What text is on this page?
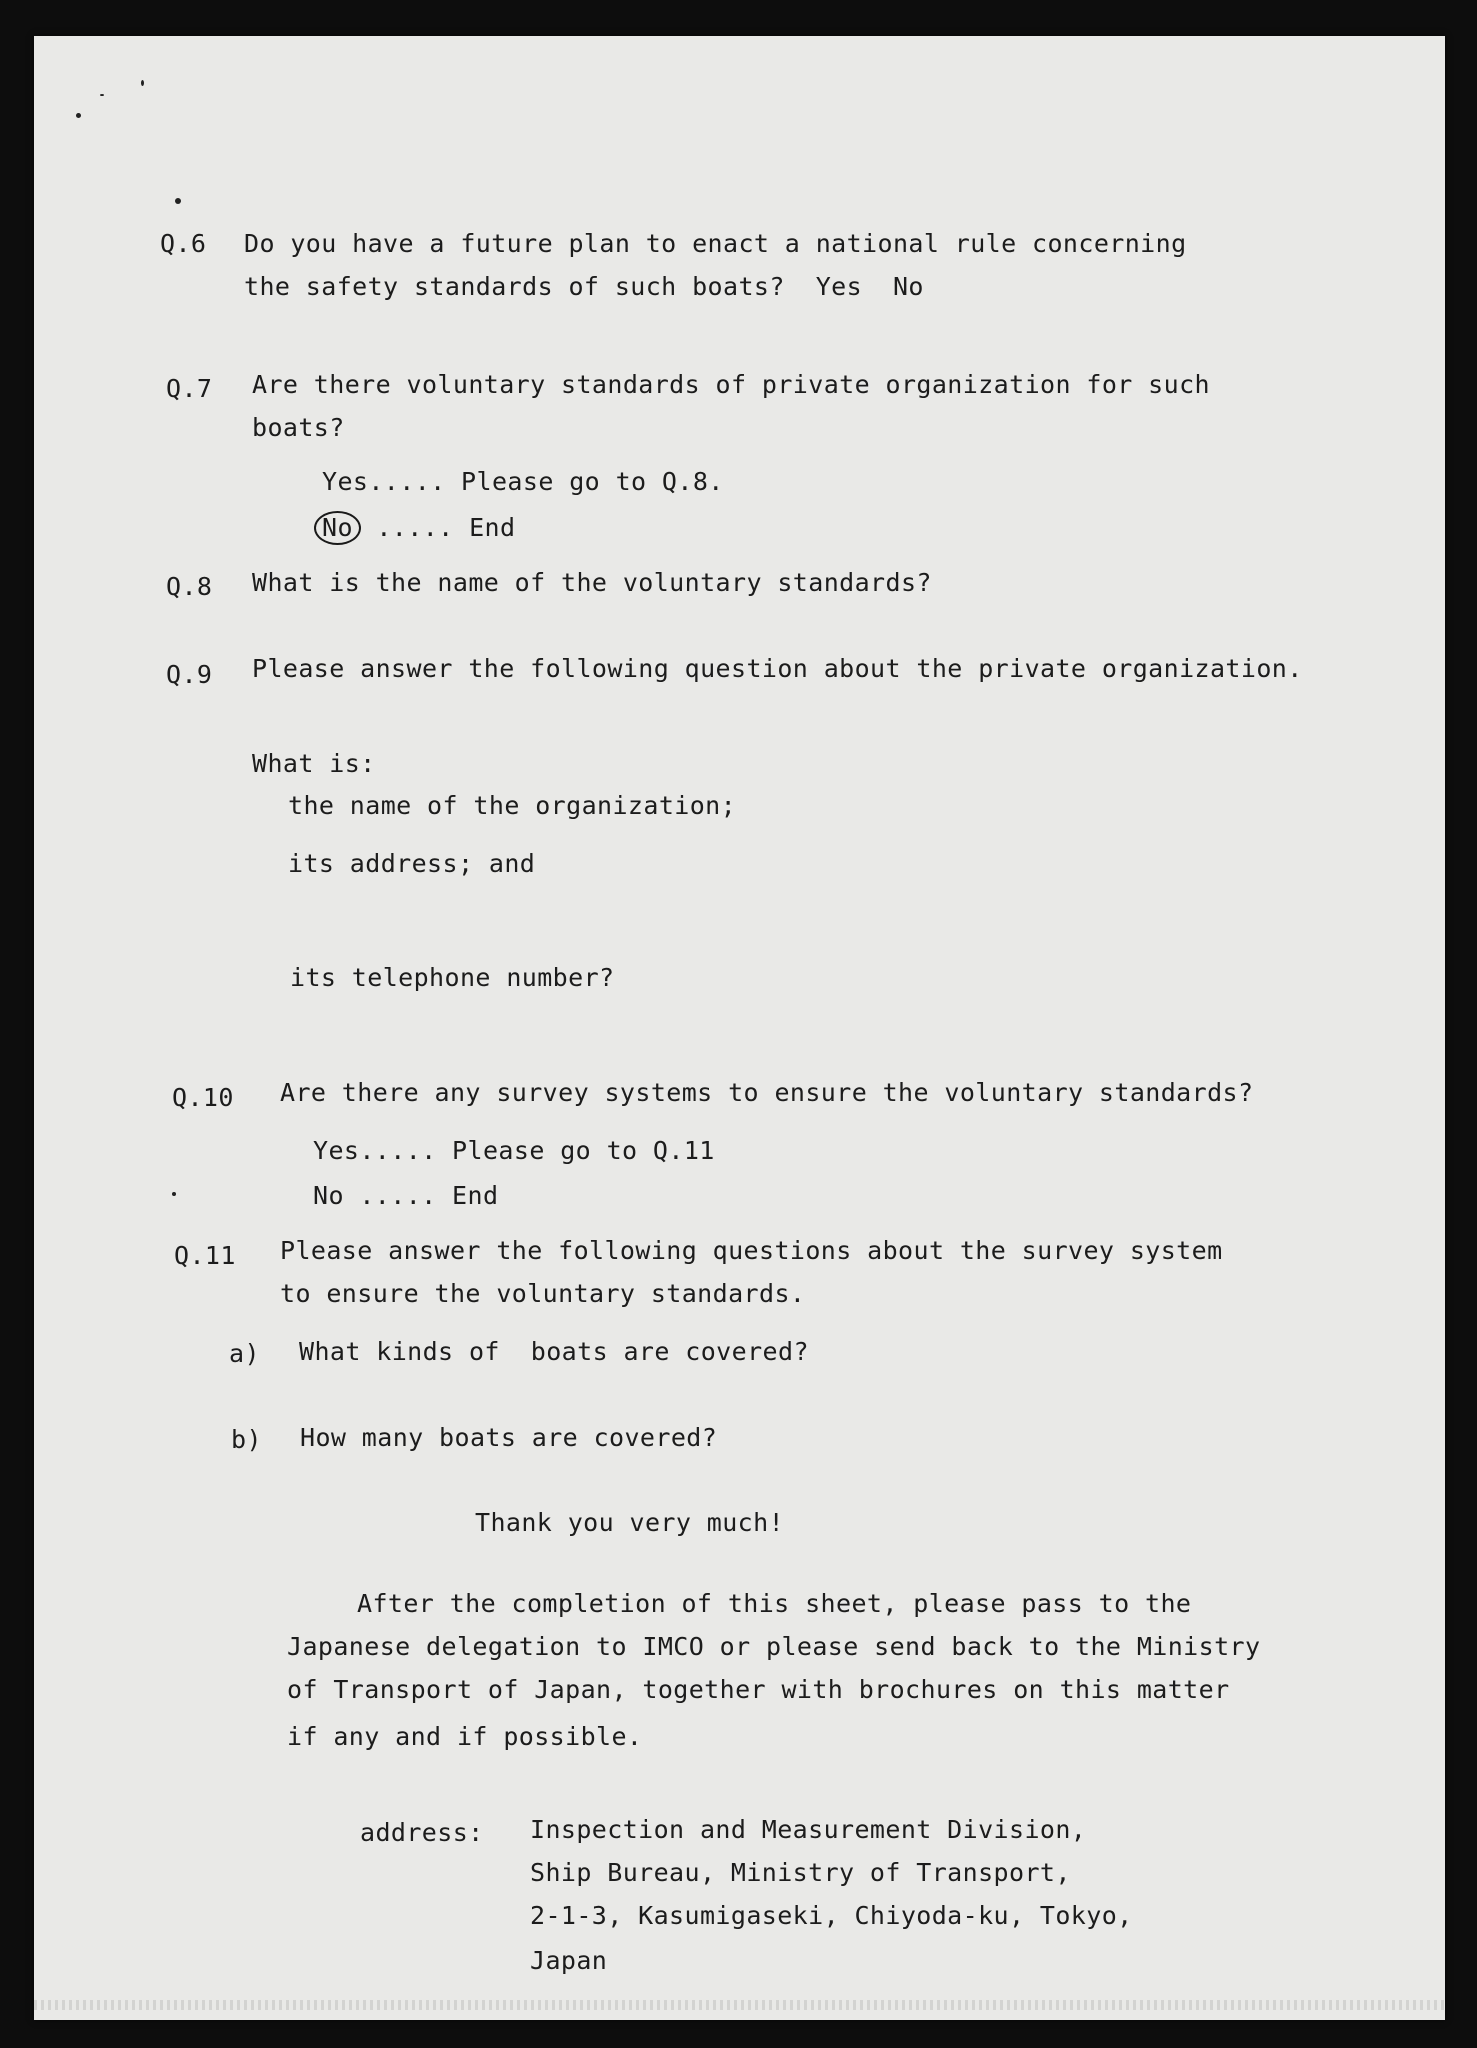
Q.6 Do you have a future plan to enact a national rule concerning
the safety standards of such boats?  Yes  No
Q.7 Are there voluntary standards of private organization for such
boats?
Yes..... Please go to Q.8.
No ..... End
Q.8 What is the name of the voluntary standards?
Q.9 Please answer the following question about the private organization.
What is:
the name of the organization;
its address; and
its telephone number?
Q.10 Are there any survey systems to ensure the voluntary standards?
Yes..... Please go to Q.11
No ..... End
Q.11 Please answer the following questions about the survey system
to ensure the voluntary standards.
a) What kinds of  boats are covered?
b) How many boats are covered?
Thank you very much!
After the completion of this sheet, please pass to the
Japanese delegation to IMCO or please send back to the Ministry
of Transport of Japan, together with brochures on this matter
if any and if possible.
address: Inspection and Measurement Division,
Ship Bureau, Ministry of Transport,
2-1-3, Kasumigaseki, Chiyoda-ku, Tokyo,
Japan
